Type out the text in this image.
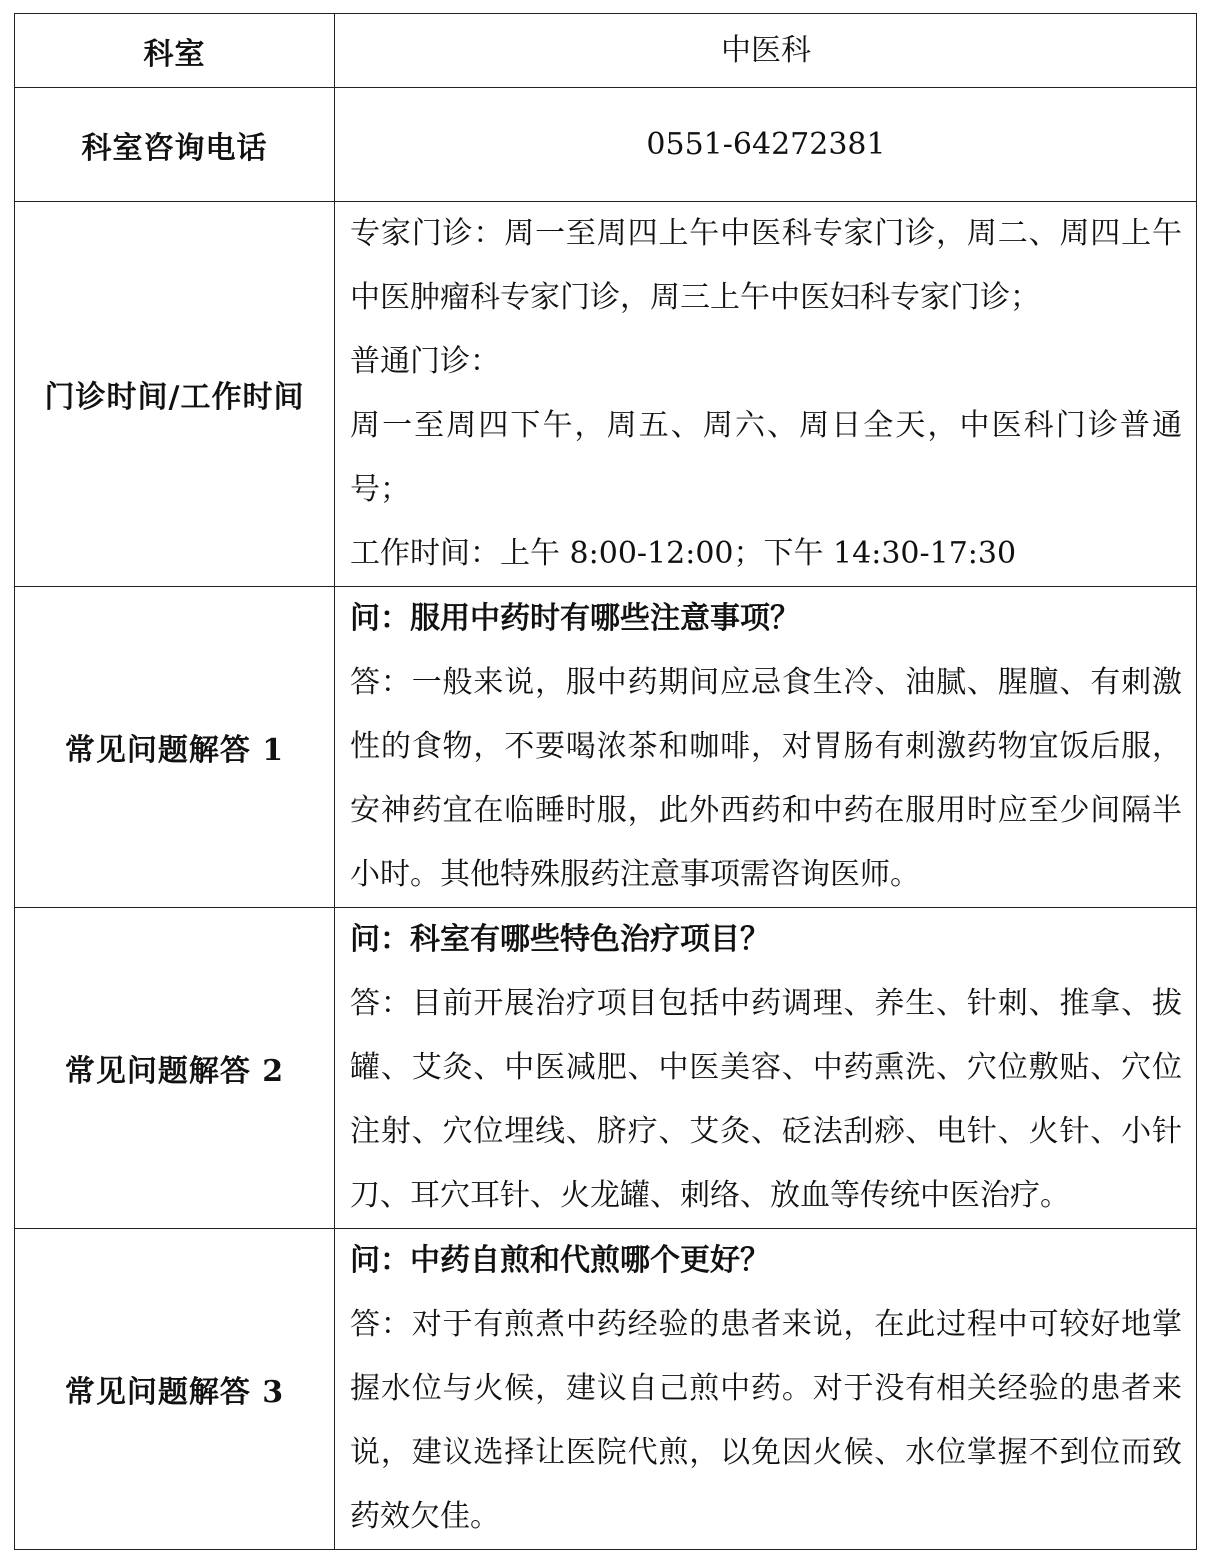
科室	中医科
科室咨询电话	0551-64272381
门诊时间/工作时间	专家门诊：周一至周四上午中医科专家门诊，周二、周四上午中医肿瘤科专家门诊，周三上午中医妇科专家门诊；
普通门诊：
周一至周四下午，周五、周六、周日全天，中医科门诊普通号；
工作时间：上午 8:00-12:00；下午 14:30-17:30

常见问题解答 1	问：服用中药时有哪些注意事项？
答：一般来说，服中药期间应忌食生冷、油腻、腥膻、有刺激性的食物，不要喝浓茶和咖啡，对胃肠有刺激药物宜饭后服，安神药宜在临睡时服，此外西药和中药在服用时应至少间隔半小时。其他特殊服药注意事项需咨询医师。

常见问题解答 2	问：科室有哪些特色治疗项目？
答：目前开展治疗项目包括中药调理、养生、针刺、推拿、拔罐、艾灸、中医减肥、中医美容、中药熏洗、穴位敷贴、穴位注射、穴位埋线、脐疗、艾灸、砭法刮痧、电针、火针、小针刀、耳穴耳针、火龙罐、刺络、放血等传统中医治疗。

常见问题解答 3	问：中药自煎和代煎哪个更好？
答：对于有煎煮中药经验的患者来说，在此过程中可较好地掌握水位与火候，建议自己煎中药。对于没有相关经验的患者来说，建议选择让医院代煎，以免因火候、水位掌握不到位而致药效欠佳。
